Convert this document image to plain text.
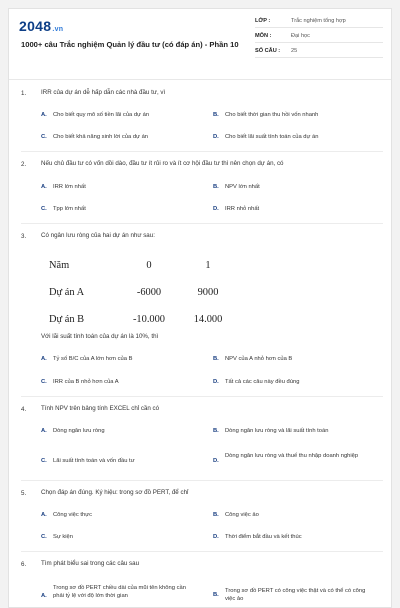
2048.vn
1000+ câu Trắc nghiệm Quản lý đầu tư (có đáp án) - Phần 10
LỚP :	Trắc nghiệm tổng hợp
MÔN :	Đại học
SỐ CÂU : 25
1. IRR của dự án dễ hấp dẫn các nhà đầu tư, vì
A. Cho biết quy mô số tiền lãi của dự án	B. Cho biết thời gian thu hồi vốn nhanh
C. Cho biết khả năng sinh lời của dự án	D. Cho biết lãi suất tính toán của dự án
2. Nếu chủ đầu tư có vốn dồi dào, đầu tư ít rủi ro và ít cơ hội đầu tư thì nên chọn dự án, có
A. IRR lớn nhất	B. NPV lớn nhất
C. Tpp lớn nhất	D. IRR nhỏ nhất
3. Có ngân lưu ròng của hai dự án như sau:
Năm	0	1
Dự án A	-6000	9000
Dự án B	-10.000	14.000
Với lãi suất tính toán của dự án là 10%, thì
A. Tỷ số B/C của A lớn hơn của B	B. NPV của A nhỏ hơn của B
C. IRR của B nhỏ hơn của A	D. Tất cả các câu này đều đúng
4. Tính NPV trên bảng tính EXCEL chỉ cần có
A. Dòng ngân lưu ròng	B. Dòng ngân lưu ròng và lãi suất tính toán
C. Lãi suất tính toán và vốn đầu tư	D.
Dòng ngân lưu ròng và thuế thu nhập doanh nghiệp
5. Chọn đáp án đúng. Ký hiệu: trong sơ đồ PERT, để chỉ
A. Công việc thực	B. Công việc ảo
C. Sự kiện	D. Thời điểm bắt đầu và kết thúc
6. Tìm phát biểu sai trong các câu sau
A.
Trong sơ đồ PERT chiều dài của mũi tên không cần phải tỷ lệ với độ lớn thời gian	B.
Trong sơ đồ PERT có công việc thật và có thể có công việc ảo
